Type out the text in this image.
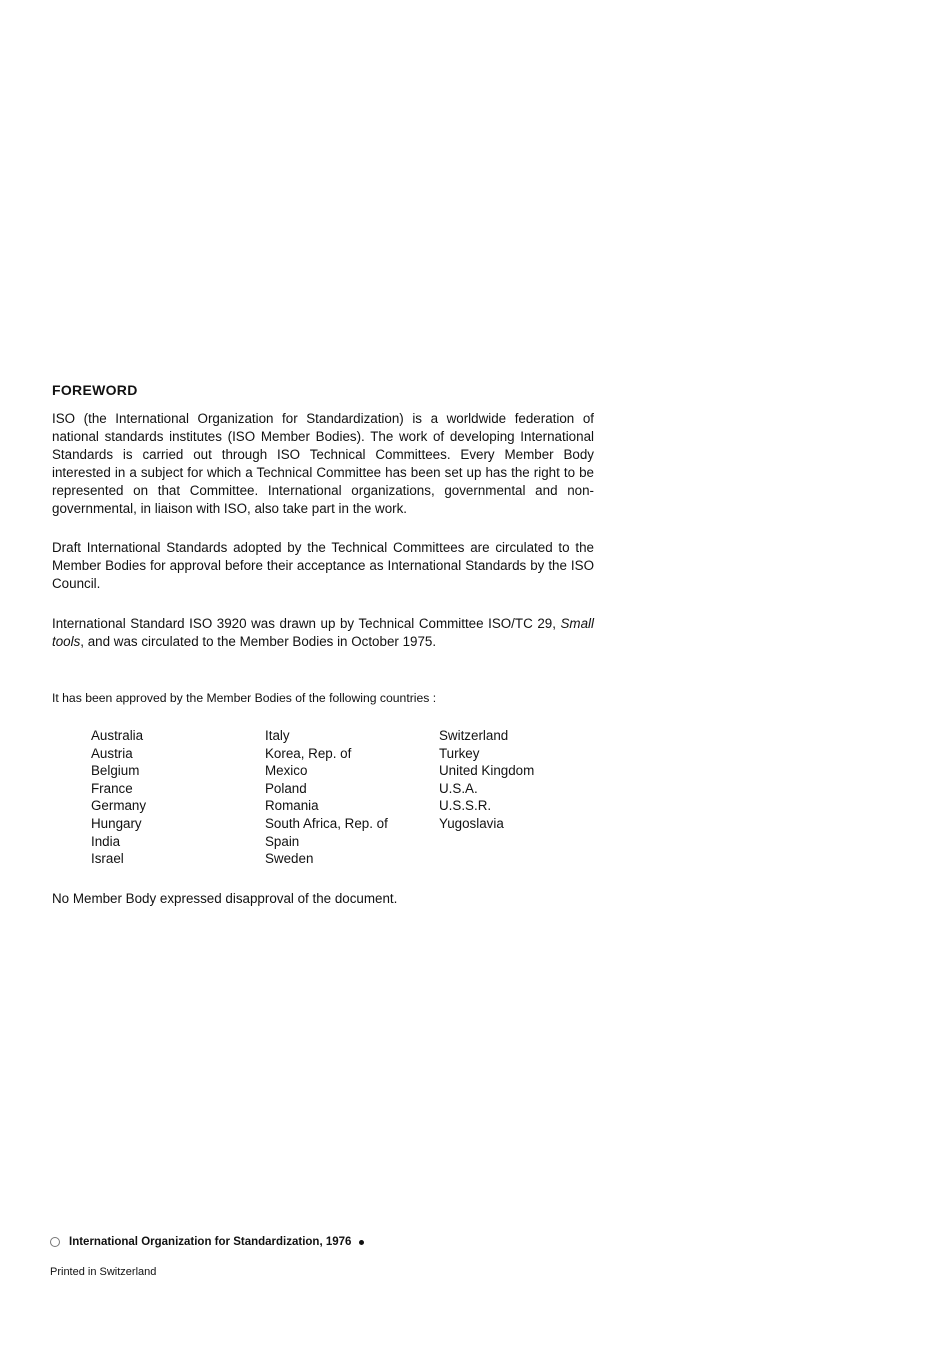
FOREWORD

ISO (the International Organization for Standardization) is a worldwide federation of national standards institutes (ISO Member Bodies). The work of developing International Standards is carried out through ISO Technical Committees. Every Member Body interested in a subject for which a Technical Committee has been set up has the right to be represented on that Committee. International organizations, governmental and non-governmental, in liaison with ISO, also take part in the work.

Draft International Standards adopted by the Technical Committees are circulated to the Member Bodies for approval before their acceptance as International Standards by the ISO Council.

International Standard ISO 3920 was drawn up by Technical Committee ISO/TC 29, Small tools, and was circulated to the Member Bodies in October 1975.

It has been approved by the Member Bodies of the following countries :

Australia
Austria
Belgium
France
Germany
Hungary
India
Israel
Italy
Korea, Rep. of
Mexico
Poland
Romania
South Africa, Rep. of
Spain
Sweden
Switzerland
Turkey
United Kingdom
U.S.A.
U.S.S.R.
Yugoslavia

No Member Body expressed disapproval of the document.

International Organization for Standardization, 1976
Printed in Switzerland
